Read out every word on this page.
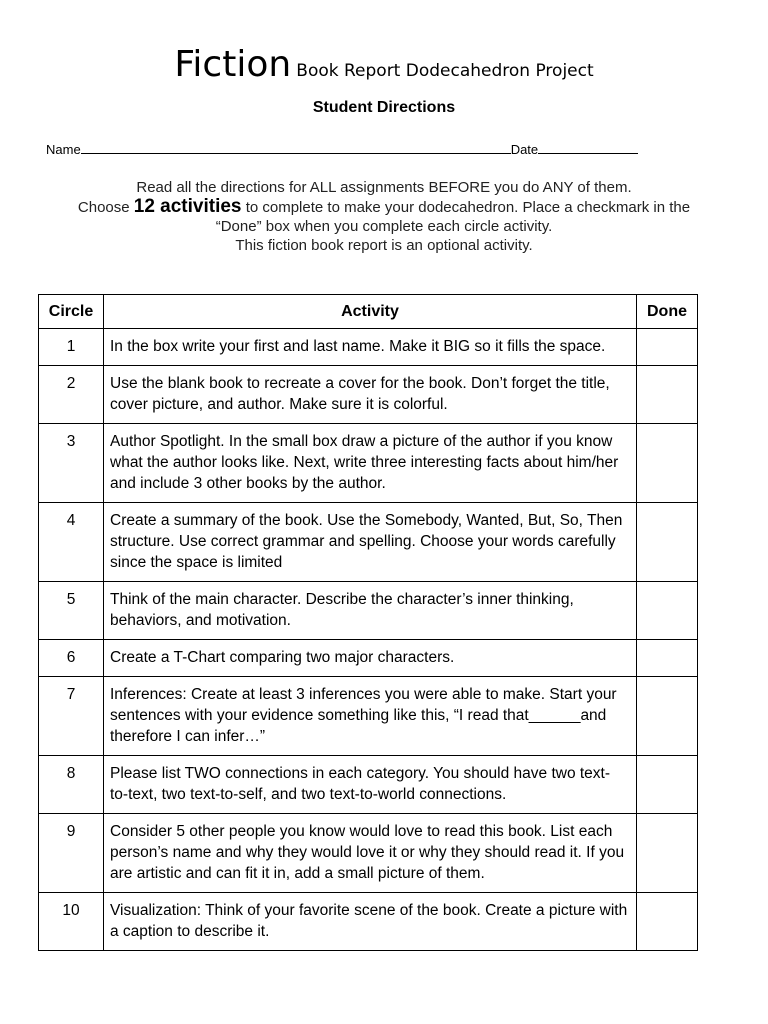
Fiction Book Report Dodecahedron Project
Student Directions
Name	Date
Read all the directions for ALL assignments BEFORE you do ANY of them.
Choose 12 activities to complete to make your dodecahedron. Place a checkmark in the
“Done” box when you complete each circle activity.
This fiction book report is an optional activity.
Circle	Activity	Done
1	In the box write your first and last name. Make it BIG so it fills the space.	
2	Use the blank book to recreate a cover for the book. Don’t forget the title, cover picture, and author. Make sure it is colorful.	
3	Author Spotlight. In the small box draw a picture of the author if you know what the author looks like. Next, write three interesting facts about him/her and include 3 other books by the author.	
4	Create a summary of the book. Use the Somebody, Wanted, But, So, Then structure. Use correct grammar and spelling. Choose your words carefully since the space is limited	
5	Think of the main character. Describe the character’s inner thinking, behaviors, and motivation.	
6	Create a T-Chart comparing two major characters.	
7	Inferences: Create at least 3 inferences you were able to make. Start your sentences with your evidence something like this, “I read that______and therefore I can infer…”	
8	Please list TWO connections in each category. You should have two text-to-text, two text-to-self, and two text-to-world connections.	
9	Consider 5 other people you know would love to read this book. List each person’s name and why they would love it or why they should read it. If you are artistic and can fit it in, add a small picture of them.	
10	Visualization: Think of your favorite scene of the book. Create a picture with a caption to describe it.	
